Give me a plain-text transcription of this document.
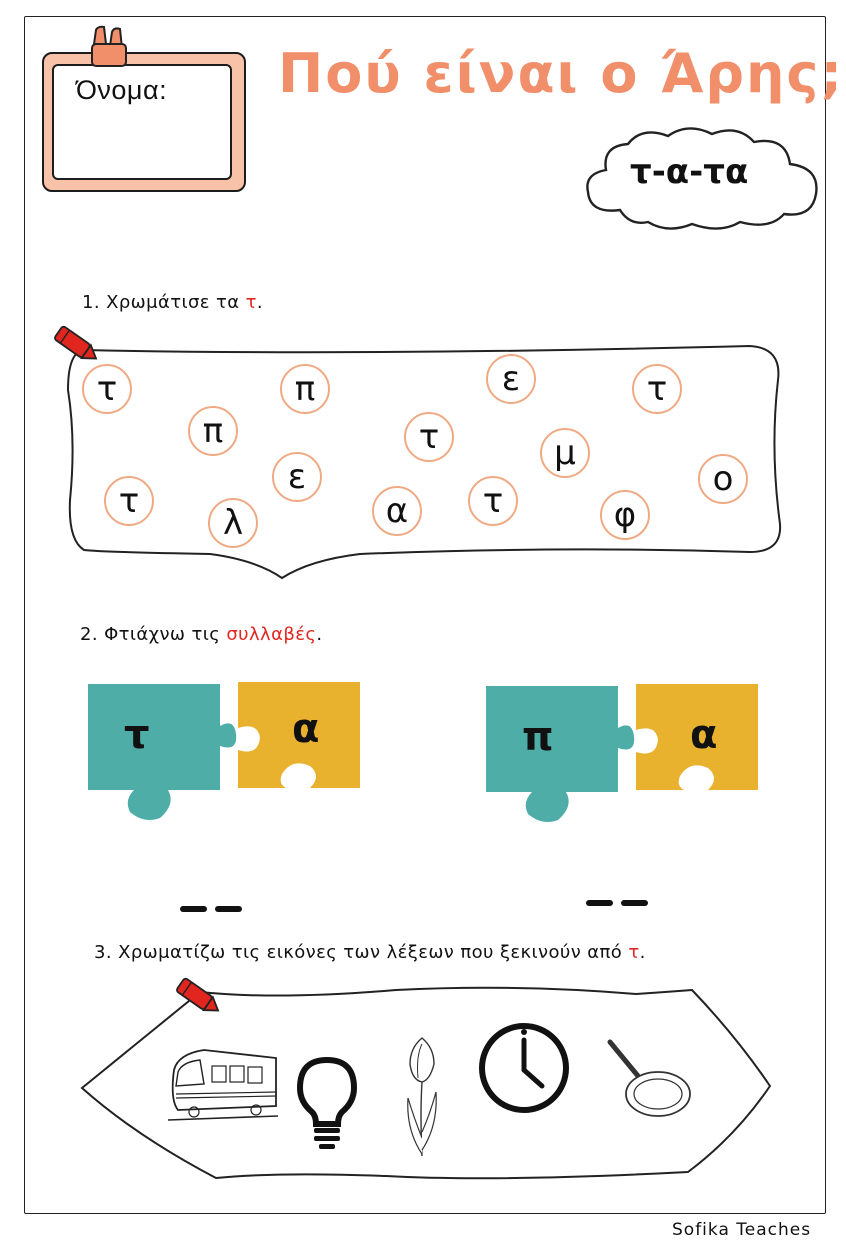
Όνομα: Πού είναι ο Άρης;
τ-α-τα
1. Χρωμάτισε τα τ.
τ	π	ε	τ
π	τ	μ
ε
τ
λ	α	τ	φ
ο
2. Φτιάχνω τις συλλαβές.
τ	α	π	α
3. Χρωματίζω τις εικόνες των λέξεων που ξεκινούν από τ.
Sofika Teaches
